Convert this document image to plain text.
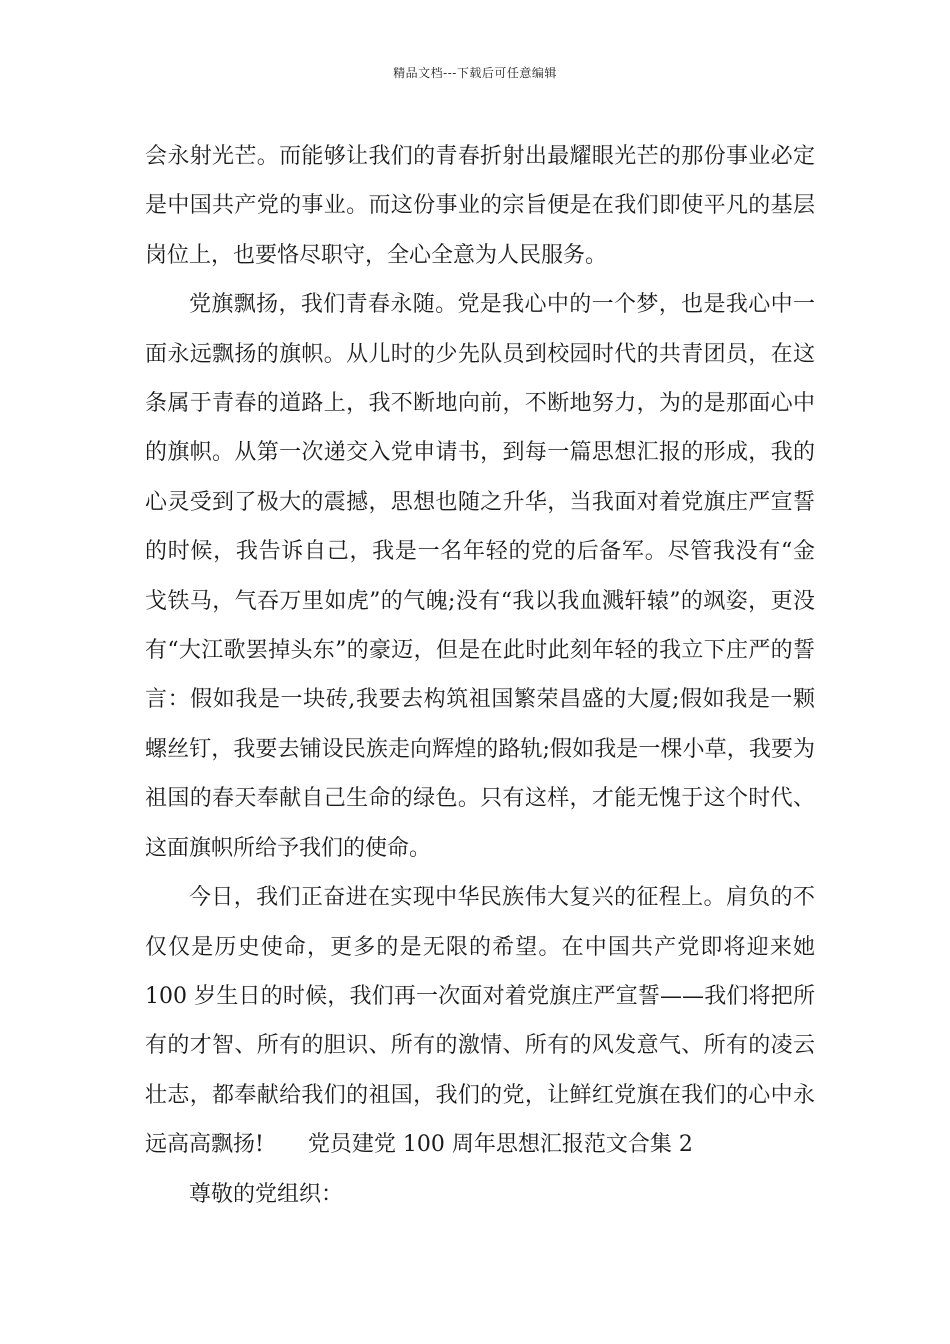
精品文档---下载后可任意编辑

会永射光芒。而能够让我们的青春折射出最耀眼光芒的那份事业必定是中国共产党的事业。而这份事业的宗旨便是在我们即使平凡的基层岗位上，也要恪尽职守，全心全意为人民服务。

党旗飘扬，我们青春永随。党是我心中的一个梦，也是我心中一面永远飘扬的旗帜。从儿时的少先队员到校园时代的共青团员，在这条属于青春的道路上，我不断地向前，不断地努力，为的是那面心中的旗帜。从第一次递交入党申请书，到每一篇思想汇报的形成，我的心灵受到了极大的震撼，思想也随之升华，当我面对着党旗庄严宣誓的时候，我告诉自己，我是一名年轻的党的后备军。尽管我没有“金戈铁马，气吞万里如虎”的气魄;没有“我以我血溅轩辕”的飒姿，更没有“大江歌罢掉头东”的豪迈，但是在此时此刻年轻的我立下庄严的誓言：假如我是一块砖,我要去构筑祖国繁荣昌盛的大厦;假如我是一颗螺丝钉，我要去铺设民族走向辉煌的路轨;假如我是一棵小草，我要为祖国的春天奉献自己生命的绿色。只有这样，才能无愧于这个时代、这面旗帜所给予我们的使命。

今日，我们正奋进在实现中华民族伟大复兴的征程上。肩负的不仅仅是历史使命，更多的是无限的希望。在中国共产党即将迎来她 100 岁生日的时候，我们再一次面对着党旗庄严宣誓——我们将把所有的才智、所有的胆识、所有的激情、所有的风发意气、所有的凌云壮志，都奉献给我们的祖国，我们的党，让鲜红党旗在我们的心中永远高高飘扬! 党员建党 100 周年思想汇报范文合集 2

尊敬的党组织：
